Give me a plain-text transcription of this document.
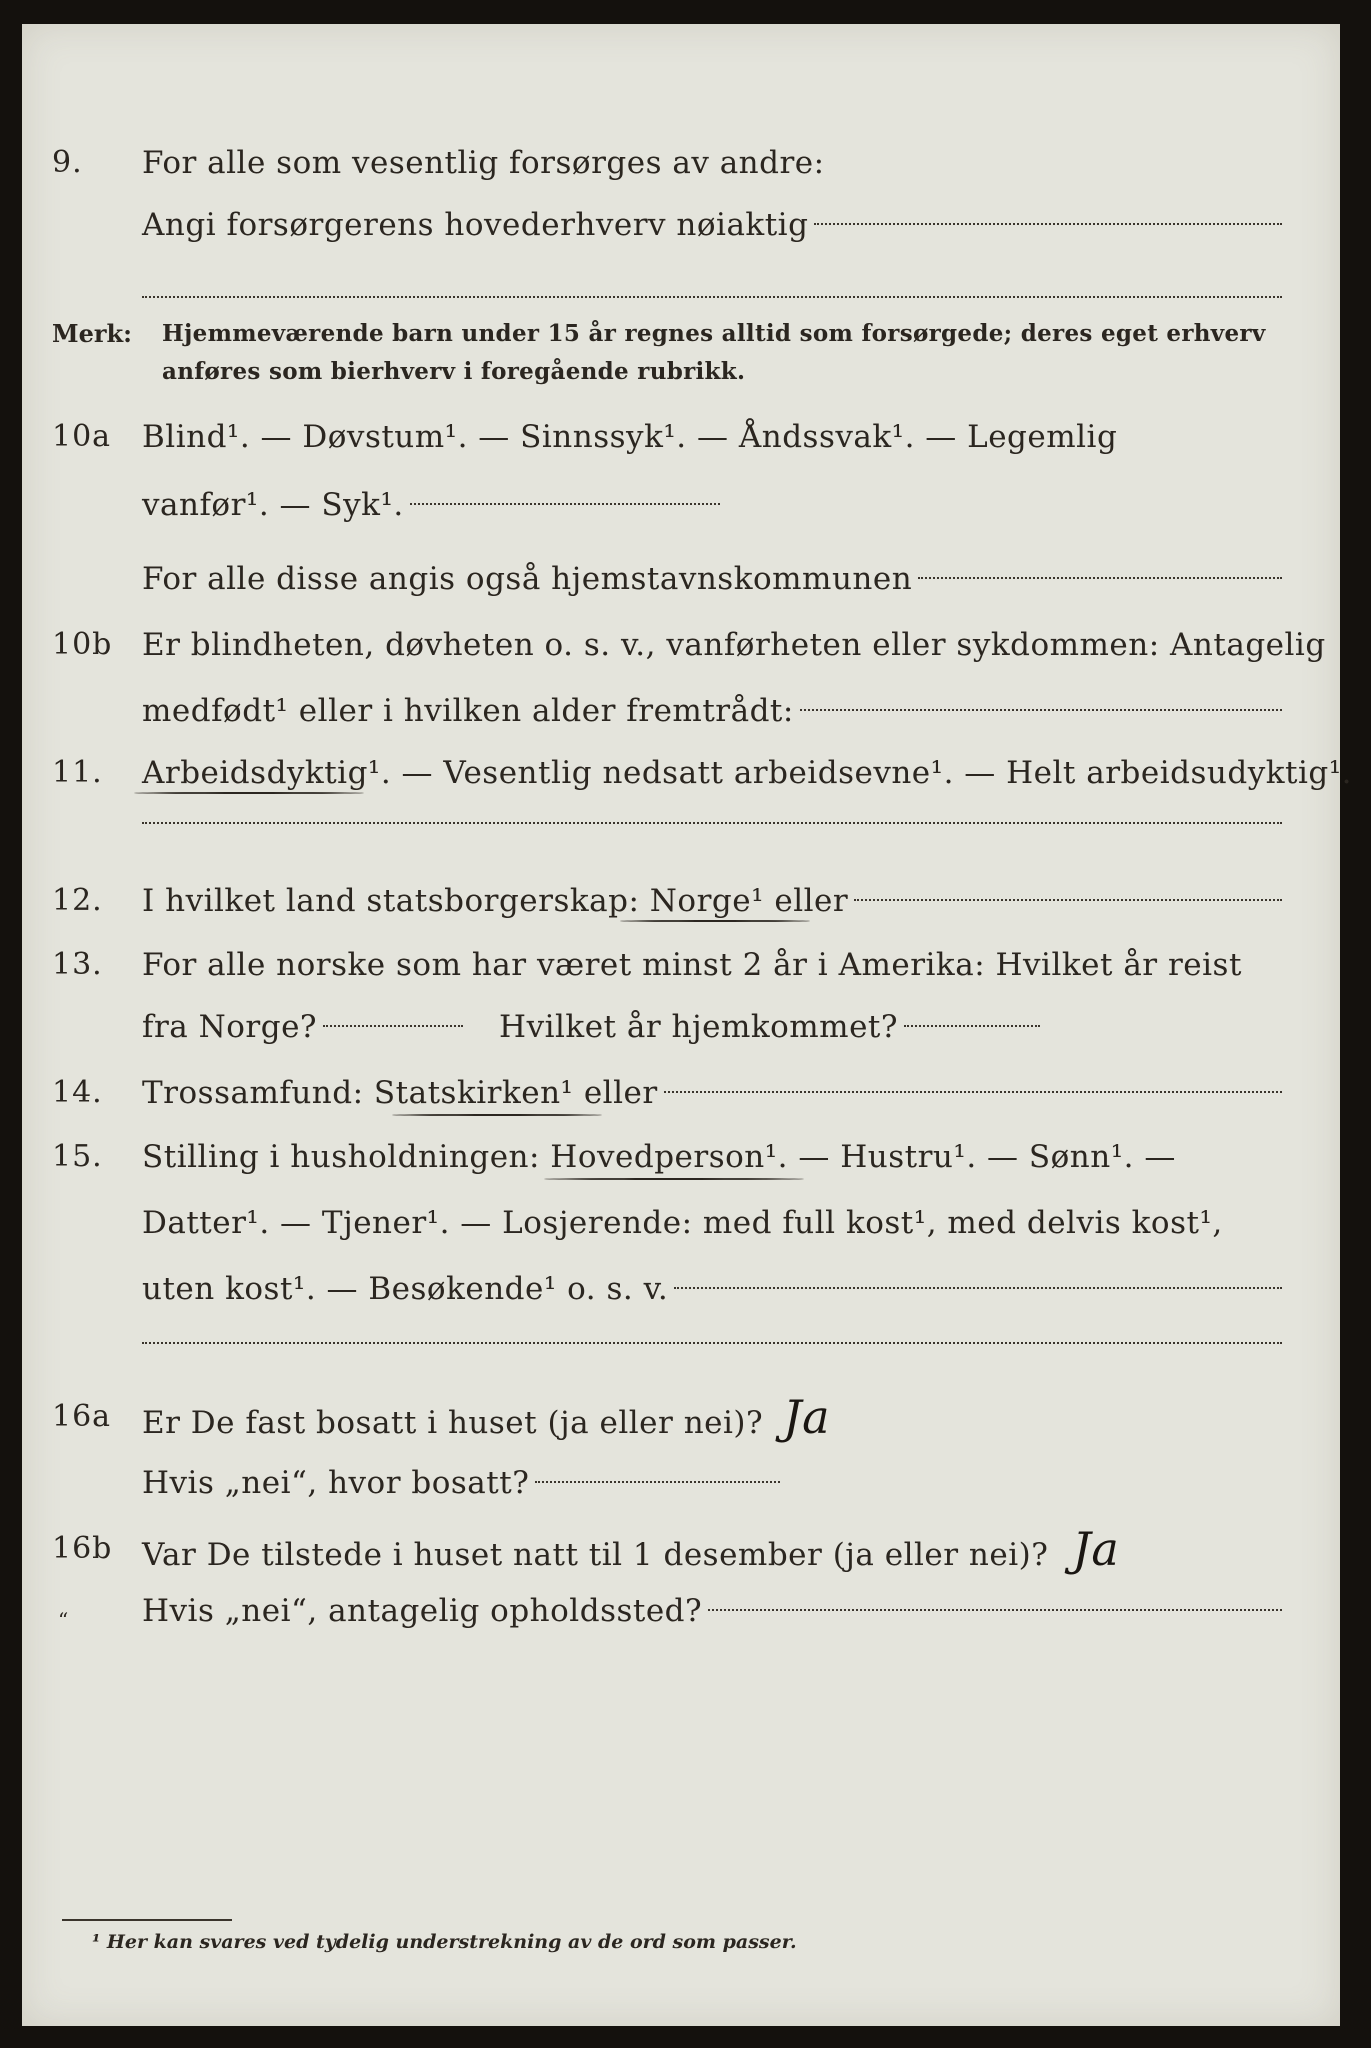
9. For alle som vesentlig forsørges av andre:
Angi forsørgerens hovederhverv nøiaktig
Merk: Hjemmeværende barn under 15 år regnes alltid som forsørgede; deres eget erhverv
anføres som bierhverv i foregående rubrikk.
10a Blind¹. — Døvstum¹. — Sinnssyk¹. — Åndssvak¹. — Legemlig
vanfør¹. — Syk¹.
For alle disse angis også hjemstavnskommunen
10b Er blindheten, døvheten o. s. v., vanførheten eller sykdommen: Antagelig
medfødt¹ eller i hvilken alder fremtrådt:
11. Arbeidsdyktig¹. — Vesentlig nedsatt arbeidsevne¹. — Helt arbeidsudyktig¹.
12. I hvilket land statsborgerskap: Norge¹ eller
13. For alle norske som har været minst 2 år i Amerika: Hvilket år reist
fra Norge?	Hvilket år hjemkommet?
14. Trossamfund: Statskirken¹ eller
15. Stilling i husholdningen: Hovedperson¹. — Hustru¹. — Sønn¹. —
Datter¹. — Tjener¹. — Losjerende: med full kost¹, med delvis kost¹,
uten kost¹. — Besøkende¹ o. s. v.
16a Er De fast bosatt i huset (ja eller nei)? Ja
Hvis „nei“, hvor bosatt?
16b Var De tilstede i huset natt til 1 desember (ja eller nei)? Ja
Hvis „nei“, antagelig opholdssted?
“
¹ Her kan svares ved tydelig understrekning av de ord som passer.
